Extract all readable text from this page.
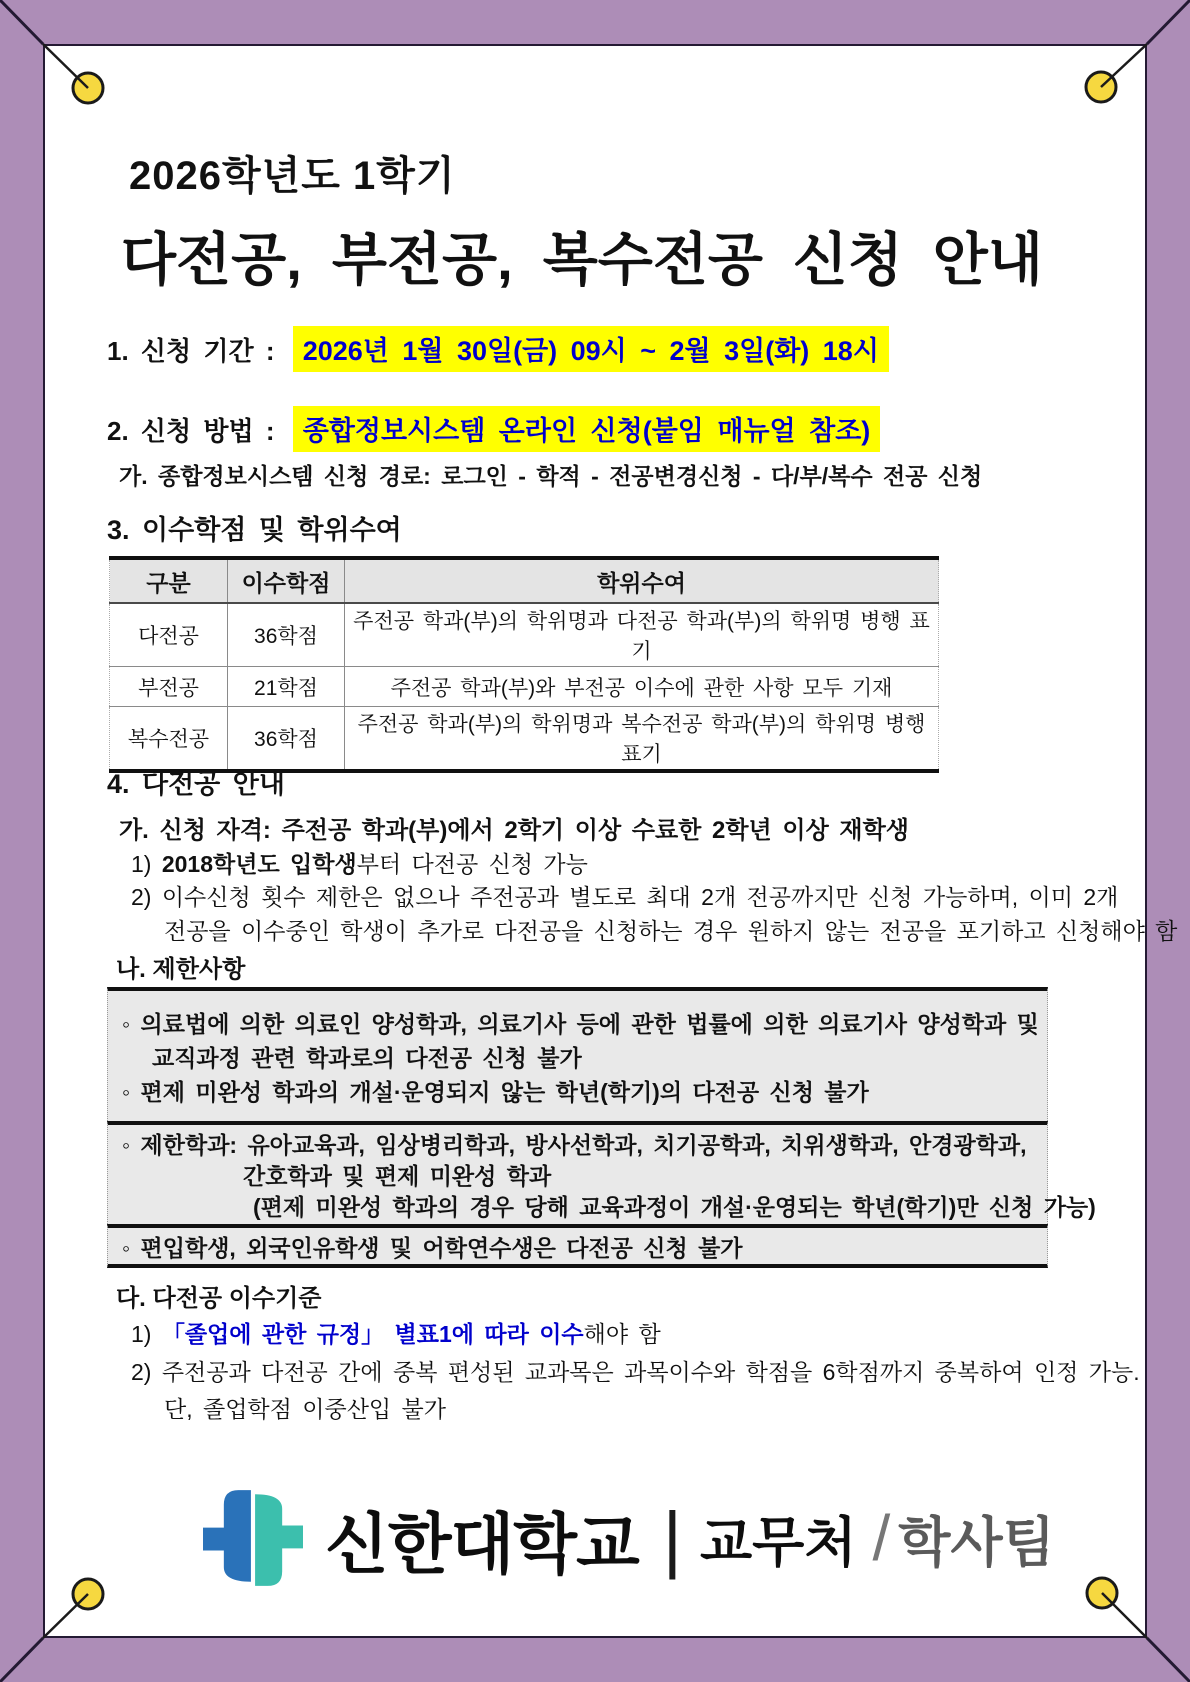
2026학년도 1학기
다전공, 부전공, 복수전공 신청 안내
1. 신청 기간 : 2026년 1월 30일(금) 09시 ~ 2월 3일(화) 18시
2. 신청 방법 : 종합정보시스템 온라인 신청(붙임 매뉴얼 참조)
가. 종합정보시스템 신청 경로: 로그인 - 학적 - 전공변경신청 - 다/부/복수 전공 신청
3. 이수학점 및 학위수여
구분	이수학점	학위수여
다전공	36학점	주전공 학과(부)의 학위명과 다전공 학과(부)의 학위명 병행 표기
부전공	21학점	주전공 학과(부)와 부전공 이수에 관한 사항 모두 기재
복수전공	36학점	주전공 학과(부)의 학위명과 복수전공 학과(부)의 학위명 병행 표기
4. 다전공 안내
가. 신청 자격: 주전공 학과(부)에서 2학기 이상 수료한 2학년 이상 재학생
1) 2018학년도 입학생부터 다전공 신청 가능
2) 이수신청 횟수 제한은 없으나 주전공과 별도로 최대 2개 전공까지만 신청 가능하며, 이미 2개
전공을 이수중인 학생이 추가로 다전공을 신청하는 경우 원하지 않는 전공을 포기하고 신청해야 함
나. 제한사항
◦ 의료법에 의한 의료인 양성학과, 의료기사 등에 관한 법률에 의한 의료기사 양성학과 및
교직과정 관련 학과로의 다전공 신청 불가
◦ 편제 미완성 학과의 개설·운영되지 않는 학년(학기)의 다전공 신청 불가
◦ 제한학과: 유아교육과, 임상병리학과, 방사선학과, 치기공학과, 치위생학과, 안경광학과,
간호학과 및 편제 미완성 학과
(편제 미완성 학과의 경우 당해 교육과정이 개설·운영되는 학년(학기)만 신청 가능)
◦ 편입학생, 외국인유학생 및 어학연수생은 다전공 신청 불가
다. 다전공 이수기준
1) 「졸업에 관한 규정」 별표1에 따라 이수해야 함
2) 주전공과 다전공 간에 중복 편성된 교과목은 과목이수와 학점을 6학점까지 중복하여 인정 가능.
단, 졸업학점 이중산입 불가
신한대학교 | 교무처 / 학사팀
